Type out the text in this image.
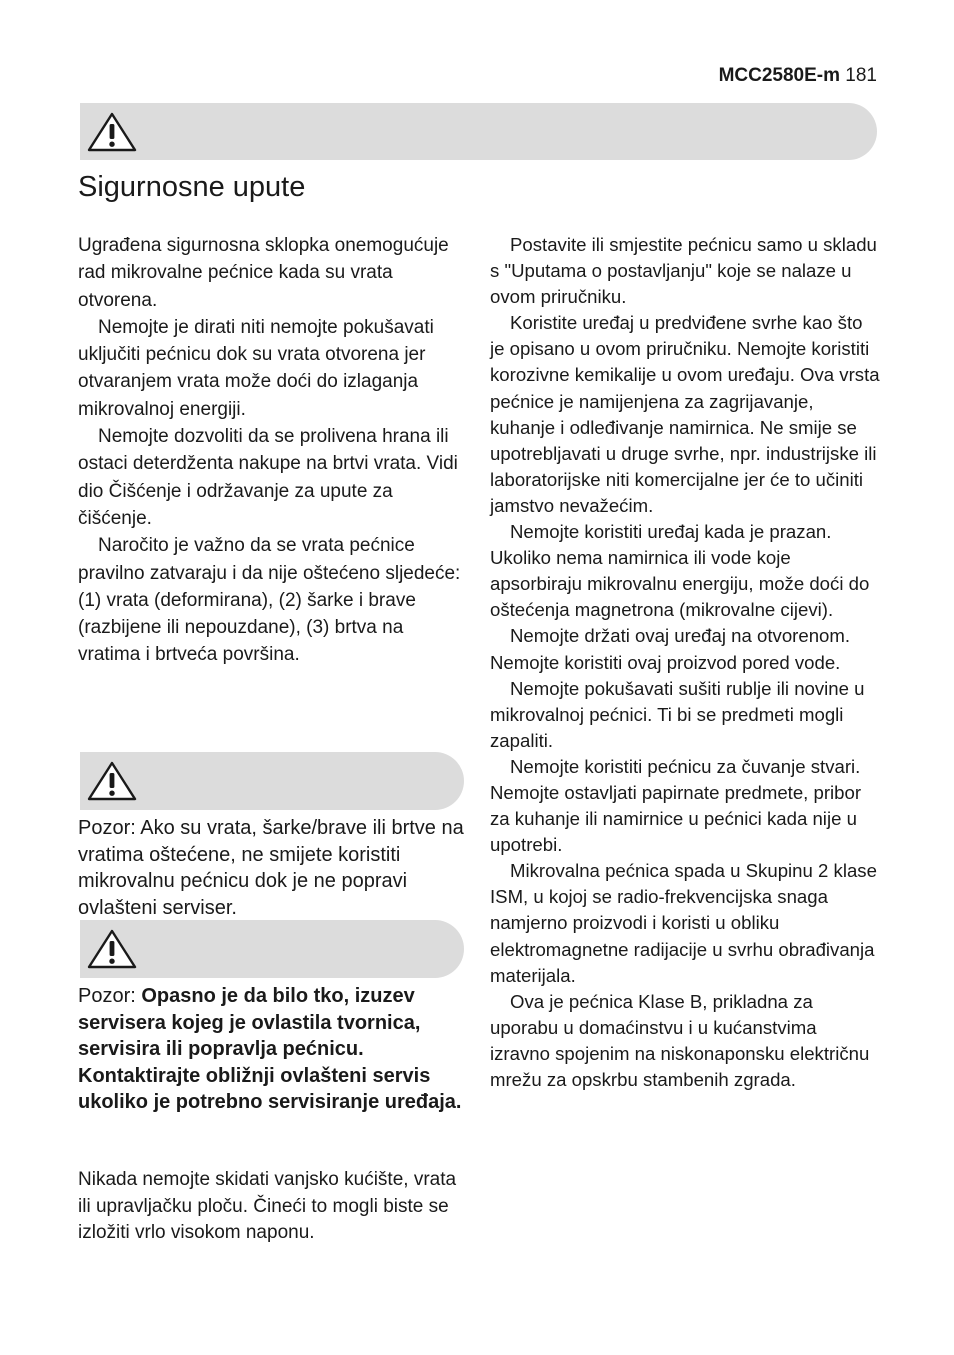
MCC2580E-m 181
Sigurnosne upute

Ugrađena sigurnosna sklopka onemogućuje rad mikrovalne pećnice kada su vrata otvorena.

Nemojte je dirati niti nemojte pokušavati uključiti pećnicu dok su vrata otvorena jer otvaranjem vrata može doći do izlaganja mikrovalnoj energiji.

Nemojte dozvoliti da se prolivena hrana ili ostaci deterdženta nakupe na brtvi vrata. Vidi dio Čišćenje i održavanje za upute za čišćenje.

Naročito je važno da se vrata pećnice pravilno zatvaraju i da nije oštećeno sljedeće: (1) vrata (deformirana), (2) šarke i brave (razbijene ili nepouzdane), (3) brtva na vratima i brtveća površina.

Pozor: Ako su vrata, šarke/brave ili brtve na vratima oštećene, ne smijete koristiti mikrovalnu pećnicu dok je ne popravi ovlašteni serviser.

Pozor: Opasno je da bilo tko, izuzev servisera kojeg je ovlastila tvornica, servisira ili popravlja pećnicu. Kontaktirajte obližnji ovlašteni servis ukoliko je potrebno servisiranje uređaja.

Nikada nemojte skidati vanjsko kućište, vrata ili upravljačku ploču. Čineći to mogli biste se izložiti vrlo visokom naponu.

Postavite ili smjestite pećnicu samo u skladu s "Uputama o postavljanju" koje se nalaze u ovom priručniku.

Koristite uređaj u predviđene svrhe kao što je opisano u ovom priručniku. Nemojte koristiti korozivne kemikalije u ovom uređaju. Ova vrsta pećnice je namijenjena za zagrijavanje, kuhanje i odleđivanje namirnica. Ne smije se upotrebljavati u druge svrhe, npr. industrijske ili laboratorijske niti komercijalne jer će to učiniti jamstvo nevažećim.

Nemojte koristiti uređaj kada je prazan. Ukoliko nema namirnica ili vode koje apsorbiraju mikrovalnu energiju, može doći do oštećenja magnetrona (mikrovalne cijevi).

Nemojte držati ovaj uređaj na otvorenom. Nemojte koristiti ovaj proizvod pored vode.

Nemojte pokušavati sušiti rublje ili novine u mikrovalnoj pećnici. Ti bi se predmeti mogli zapaliti.

Nemojte koristiti pećnicu za čuvanje stvari. Nemojte ostavljati papirnate predmete, pribor za kuhanje ili namirnice u pećnici kada nije u upotrebi.

Mikrovalna pećnica spada u Skupinu 2 klase ISM, u kojoj se radio-frekvencijska snaga namjerno proizvodi i koristi u obliku elektromagnetne radijacije u svrhu obrađivanja materijala.

Ova je pećnica Klase B, prikladna za uporabu u domaćinstvu i u kućanstvima izravno spojenim na niskonaponsku električnu mrežu za opskrbu stambenih zgrada.
